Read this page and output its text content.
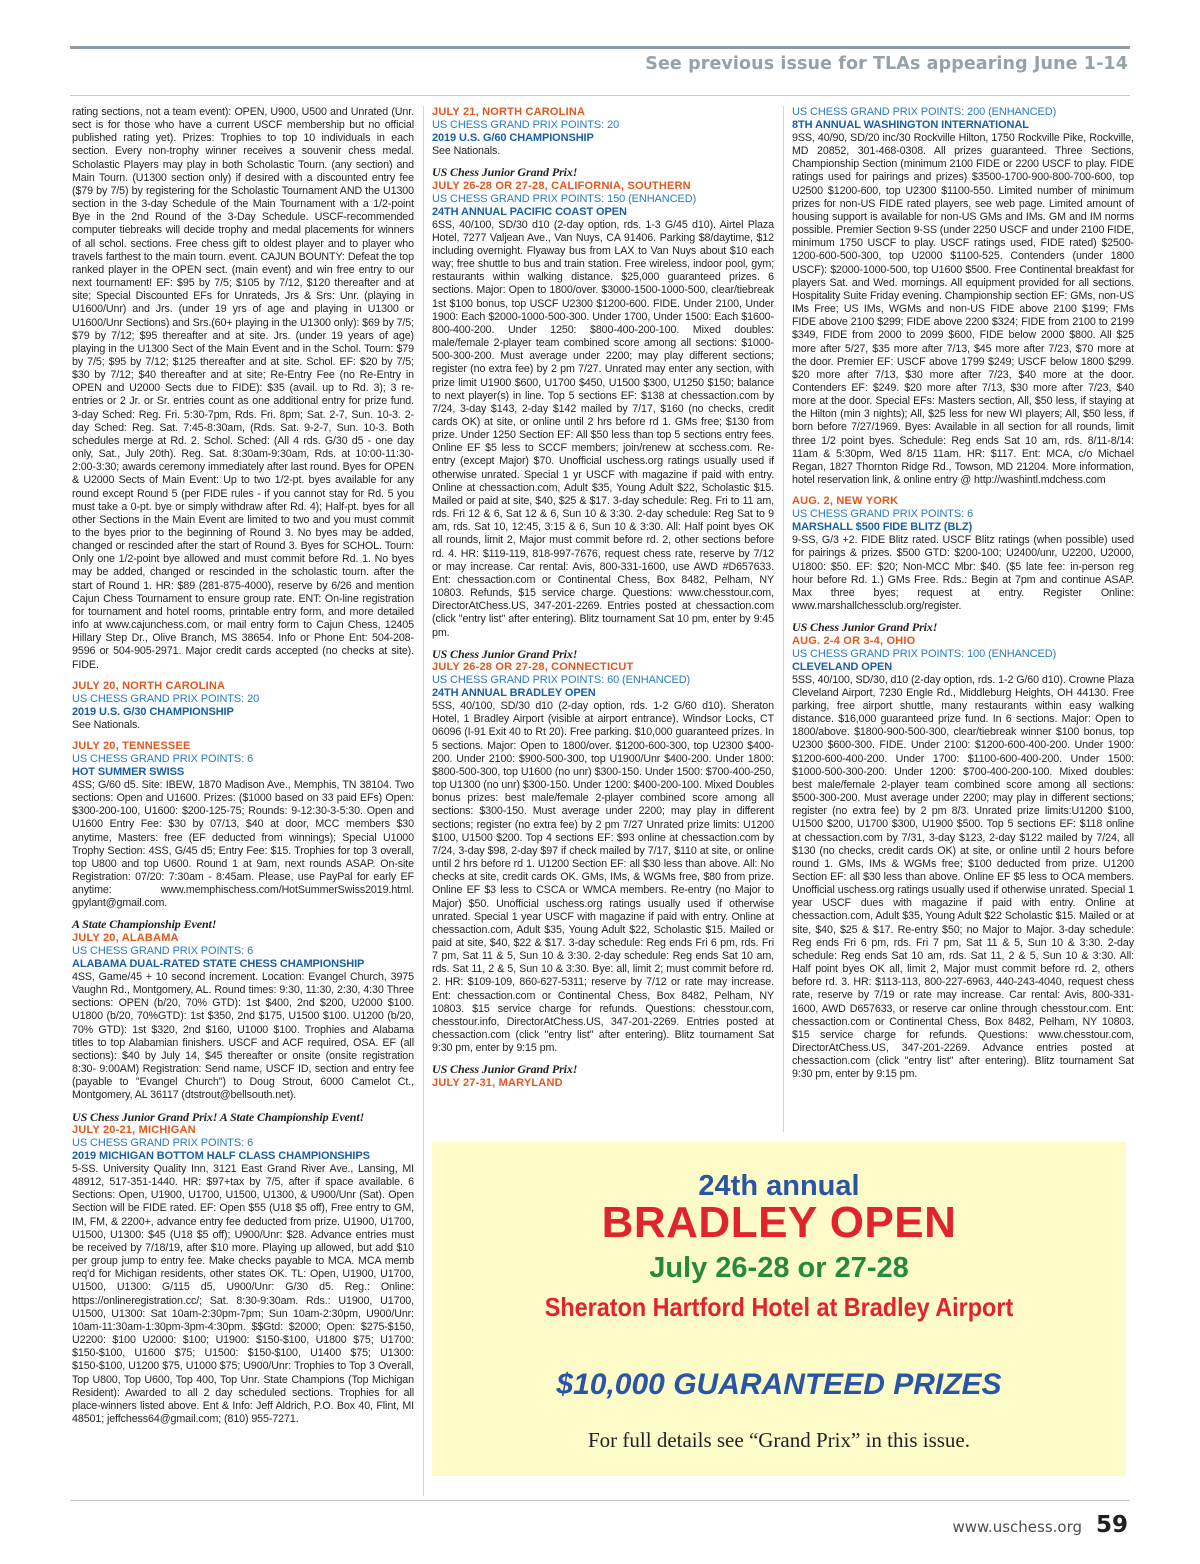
See previous issue for TLAs appearing June 1-14
rating sections, not a team event): OPEN, U900, U500 and Unrated (Unr. sect is for those who have a current USCF membership but no official published rating yet). Prizes: Trophies to top 10 individuals in each section. Every non-trophy winner receives a souvenir chess medal. Scholastic Players may play in both Scholastic Tourn. (any section) and Main Tourn. (U1300 section only) if desired with a discounted entry fee ($79 by 7/5) by registering for the Scholastic Tournament AND the U1300 section in the 3-day Schedule of the Main Tournament with a 1/2-point Bye in the 2nd Round of the 3-Day Schedule. USCF-recommended computer tiebreaks will decide trophy and medal placements for winners of all schol. sections. Free chess gift to oldest player and to player who travels farthest to the main tourn. event. CAJUN BOUNTY: Defeat the top ranked player in the OPEN sect. (main event) and win free entry to our next tournament! EF: $95 by 7/5; $105 by 7/12, $120 thereafter and at site; Special Discounted EFs for Unrateds, Jrs & Srs: Unr. (playing in U1600/Unr) and Jrs. (under 19 yrs of age and playing in U1300 or U1600/Unr Sections) and Srs.(60+ playing in the U1300 only): $69 by 7/5; $79 by 7/12; $95 thereafter and at site. Jrs. (under 19 years of age) playing in the U1300 Sect of the Main Event and in the Schol. Tourn: $79 by 7/5; $95 by 7/12; $125 thereafter and at site. Schol. EF: $20 by 7/5; $30 by 7/12; $40 thereafter and at site; Re-Entry Fee (no Re-Entry in OPEN and U2000 Sects due to FIDE): $35 (avail. up to Rd. 3); 3 re-entries or 2 Jr. or Sr. entries count as one additional entry for prize fund. 3-day Sched: Reg. Fri. 5:30-7pm, Rds. Fri. 8pm; Sat. 2-7, Sun. 10-3. 2-day Sched: Reg. Sat. 7:45-8:30am, (Rds. Sat. 9-2-7, Sun. 10-3. Both schedules merge at Rd. 2. Schol. Sched: (All 4 rds. G/30 d5 - one day only, Sat., July 20th). Reg. Sat. 8:30am-9:30am, Rds. at 10:00-11:30-2:00-3:30; awards ceremony immediately after last round. Byes for OPEN & U2000 Sects of Main Event: Up to two 1/2-pt. byes available for any round except Round 5 (per FIDE rules - if you cannot stay for Rd. 5 you must take a 0-pt. bye or simply withdraw after Rd. 4); Half-pt. byes for all other Sections in the Main Event are limited to two and you must commit to the byes prior to the beginning of Round 3. No byes may be added, changed or rescinded after the start of Round 3. Byes for SCHOL. Tourn: Only one 1/2-point bye allowed and must commit before Rd. 1. No byes may be added, changed or rescinded in the scholastic tourn. after the start of Round 1. HR: $89 (281-875-4000), reserve by 6/26 and mention Cajun Chess Tournament to ensure group rate. ENT: On-line registration for tournament and hotel rooms, printable entry form, and more detailed info at www.cajunchess.com, or mail entry form to Cajun Chess, 12405 Hillary Step Dr., Olive Branch, MS 38654. Info or Phone Ent: 504-208-9596 or 504-905-2971. Major credit cards accepted (no checks at site). FIDE.
JULY 20, NORTH CAROLINA
US CHESS GRAND PRIX POINTS: 20
2019 U.S. G/30 CHAMPIONSHIP
See Nationals.
JULY 20, TENNESSEE
US CHESS GRAND PRIX POINTS: 6
HOT SUMMER SWISS
4SS; G/60 d5. Site: IBEW, 1870 Madison Ave., Memphis, TN 38104. Two sections: Open and U1600. Prizes: ($1000 based on 33 paid EFs) Open: $300-200-100, U1600: $200-125-75; Rounds: 9-12:30-3-5:30. Open and U1600 Entry Fee: $30 by 07/13, $40 at door, MCC members $30 anytime, Masters: free (EF deducted from winnings); Special U1000 Trophy Section: 4SS, G/45 d5; Entry Fee: $15. Trophies for top 3 overall, top U800 and top U600. Round 1 at 9am, next rounds ASAP. On-site Registration: 07/20: 7:30am - 8:45am. Please, use PayPal for early EF anytime: www.memphischess.com/HotSummerSwiss2019.html. gpylant@gmail.com.
A State Championship Event!
JULY 20, ALABAMA
US CHESS GRAND PRIX POINTS: 6
ALABAMA DUAL-RATED STATE CHESS CHAMPIONSHIP
4SS, Game/45 + 10 second increment. Location: Evangel Church, 3975 Vaughn Rd., Montgomery, AL. Round times: 9:30, 11:30, 2:30, 4:30 Three sections: OPEN (b/20, 70% GTD): 1st $400, 2nd $200, U2000 $100. U1800 (b/20, 70%GTD): 1st $350, 2nd $175, U1500 $100. U1200 (b/20, 70% GTD): 1st $320, 2nd $160, U1000 $100. Trophies and Alabama titles to top Alabamian finishers. USCF and ACF required, OSA. EF (all sections): $40 by July 14, $45 thereafter or onsite (onsite registration 8:30- 9:00AM) Registration: Send name, USCF ID, section and entry fee (payable to "Evangel Church") to Doug Strout, 6000 Camelot Ct., Montgomery, AL 36117 (dtstrout@bellsouth.net).
US Chess Junior Grand Prix! A State Championship Event!
JULY 20-21, MICHIGAN
US CHESS GRAND PRIX POINTS: 6
2019 MICHIGAN BOTTOM HALF CLASS CHAMPIONSHIPS
5-SS. University Quality Inn, 3121 East Grand River Ave., Lansing, MI 48912, 517-351-1440. HR: $97+tax by 7/5, after if space available. 6 Sections: Open, U1900, U1700, U1500, U1300, & U900/Unr (Sat). Open Section will be FIDE rated. EF: Open $55 (U18 $5 off), Free entry to GM, IM, FM, & 2200+, advance entry fee deducted from prize. U1900, U1700, U1500, U1300: $45 (U18 $5 off); U900/Unr: $28. Advance entries must be received by 7/18/19, after $10 more. Playing up allowed, but add $10 per group jump to entry fee. Make checks payable to MCA. MCA memb req'd for Michigan residents, other states OK. TL: Open, U1900, U1700, U1500, U1300: G/115 d5, U900/Unr: G/30 d5. Reg.: Online: https://onlineregistration.cc/; Sat. 8:30-9:30am. Rds.: U1900, U1700, U1500, U1300: Sat 10am-2:30pm-7pm; Sun 10am-2:30pm, U900/Unr: 10am-11:30am-1:30pm-3pm-4:30pm. $$Gtd: $2000; Open: $275-$150, U2200: $100 U2000: $100; U1900: $150-$100, U1800 $75; U1700: $150-$100, U1600 $75; U1500: $150-$100, U1400 $75; U1300: $150-$100, U1200 $75, U1000 $75; U900/Unr: Trophies to Top 3 Overall, Top U800, Top U600, Top 400, Top Unr. State Champions (Top Michigan Resident): Awarded to all 2 day scheduled sections. Trophies for all place-winners listed above. Ent & Info: Jeff Aldrich, P.O. Box 40, Flint, MI 48501; jeffchess64@gmail.com; (810) 955-7271.
JULY 21, NORTH CAROLINA
US CHESS GRAND PRIX POINTS: 20
2019 U.S. G/60 CHAMPIONSHIP
See Nationals.
US Chess Junior Grand Prix!
JULY 26-28 OR 27-28, CALIFORNIA, SOUTHERN
US CHESS GRAND PRIX POINTS: 150 (ENHANCED)
24TH ANNUAL PACIFIC COAST OPEN
6SS, 40/100, SD/30 d10 (2-day option, rds. 1-3 G/45 d10). Airtel Plaza Hotel, 7277 Valjean Ave., Van Nuys, CA 91406. Parking $8/daytime, $12 including overnight. Flyaway bus from LAX to Van Nuys about $10 each way; free shuttle to bus and train station. Free wireless, indoor pool, gym; restaurants within walking distance. $25,000 guaranteed prizes. 6 sections. Major: Open to 1800/over. $3000-1500-1000-500, clear/tiebreak 1st $100 bonus, top USCF U2300 $1200-600. FIDE. Under 2100, Under 1900: Each $2000-1000-500-300. Under 1700, Under 1500: Each $1600-800-400-200. Under 1250: $800-400-200-100. Mixed doubles: male/female 2-player team combined score among all sections: $1000-500-300-200. Must average under 2200; may play different sections; register (no extra fee) by 2 pm 7/27. Unrated may enter any section, with prize limit U1900 $600, U1700 $450, U1500 $300, U1250 $150; balance to next player(s) in line. Top 5 sections EF: $138 at chessaction.com by 7/24, 3-day $143, 2-day $142 mailed by 7/17, $160 (no checks, credit cards OK) at site, or online until 2 hrs before rd 1. GMs free; $130 from prize. Under 1250 Section EF: All $50 less than top 5 sections entry fees. Online EF $5 less to SCCF members; join/renew at scchess.com. Re-entry (except Major) $70. Unofficial uschess.org ratings usually used if otherwise unrated. Special 1 yr USCF with magazine if paid with entry. Online at chessaction.com, Adult $35, Young Adult $22, Scholastic $15. Mailed or paid at site, $40, $25 & $17. 3-day schedule: Reg. Fri to 11 am, rds. Fri 12 & 6, Sat 12 & 6, Sun 10 & 3:30. 2-day schedule: Reg Sat to 9 am, rds. Sat 10, 12:45, 3:15 & 6, Sun 10 & 3:30. All: Half point byes OK all rounds, limit 2, Major must commit before rd. 2, other sections before rd. 4. HR: $119-119, 818-997-7676, request chess rate, reserve by 7/12 or may increase. Car rental: Avis, 800-331-1600, use AWD #D657633. Ent: chessaction.com or Continental Chess, Box 8482, Pelham, NY 10803. Refunds, $15 service charge. Questions: www.chesstour.com, DirectorAtChess.US, 347-201-2269. Entries posted at chessaction.com (click "entry list" after entering). Blitz tournament Sat 10 pm, enter by 9:45 pm.
US Chess Junior Grand Prix!
JULY 26-28 OR 27-28, CONNECTICUT
US CHESS GRAND PRIX POINTS: 60 (ENHANCED)
24TH ANNUAL BRADLEY OPEN
5SS, 40/100, SD/30 d10 (2-day option, rds. 1-2 G/60 d10). Sheraton Hotel, 1 Bradley Airport (visible at airport entrance), Windsor Locks, CT 06096 (I-91 Exit 40 to Rt 20). Free parking. $10,000 guaranteed prizes. In 5 sections. Major: Open to 1800/over. $1200-600-300, top U2300 $400-200. Under 2100: $900-500-300, top U1900/Unr $400-200. Under 1800: $800-500-300, top U1600 (no unr) $300-150. Under 1500: $700-400-250, top U1300 (no unr) $300-150. Under 1200: $400-200-100. Mixed Doubles bonus prizes: best male/female 2-player combined score among all sections: $300-150. Must average under 2200; may play in different sections; register (no extra fee) by 2 pm 7/27 Unrated prize limits: U1200 $100, U1500 $200. Top 4 sections EF: $93 online at chessaction.com by 7/24, 3-day $98, 2-day $97 if check mailed by 7/17, $110 at site, or online until 2 hrs before rd 1. U1200 Section EF: all $30 less than above. All: No checks at site, credit cards OK. GMs, IMs, & WGMs free, $80 from prize. Online EF $3 less to CSCA or WMCA members. Re-entry (no Major to Major) $50. Unofficial uschess.org ratings usually used if otherwise unrated. Special 1 year USCF with magazine if paid with entry. Online at chessaction.com, Adult $35, Young Adult $22, Scholastic $15. Mailed or paid at site, $40, $22 & $17. 3-day schedule: Reg ends Fri 6 pm, rds. Fri 7 pm, Sat 11 & 5, Sun 10 & 3:30. 2-day schedule: Reg ends Sat 10 am, rds. Sat 11, 2 & 5, Sun 10 & 3:30. Bye: all, limit 2; must commit before rd. 2. HR: $109-109, 860-627-5311; reserve by 7/12 or rate may increase. Ent: chessaction.com or Continental Chess, Box 8482, Pelham, NY 10803. $15 service charge for refunds. Questions: chesstour.com, chesstour.info, DirectorAtChess.US, 347-201-2269. Entries posted at chessaction.com (click "entry list" after entering). Blitz tournament Sat 9:30 pm, enter by 9:15 pm.
US Chess Junior Grand Prix!
JULY 27-31, MARYLAND
US CHESS GRAND PRIX POINTS: 200 (ENHANCED)
8TH ANNUAL WASHINGTON INTERNATIONAL
9SS, 40/90, SD/20 inc/30 Rockville Hilton, 1750 Rockville Pike, Rockville, MD 20852, 301-468-0308. All prizes guaranteed. Three Sections, Championship Section (minimum 2100 FIDE or 2200 USCF to play. FIDE ratings used for pairings and prizes) $3500-1700-900-800-700-600, top U2500 $1200-600, top U2300 $1100-550. Limited number of minimum prizes for non-US FIDE rated players, see web page. Limited amount of housing support is available for non-US GMs and IMs. GM and IM norms possible. Premier Section 9-SS (under 2250 USCF and under 2100 FIDE, minimum 1750 USCF to play. USCF ratings used, FIDE rated) $2500-1200-600-500-300, top U2000 $1100-525. Contenders (under 1800 USCF): $2000-1000-500, top U1600 $500. Free Continental breakfast for players Sat. and Wed. mornings. All equipment provided for all sections. Hospitality Suite Friday evening. Championship section EF: GMs, non-US IMs Free; US IMs, WGMs and non-US FIDE above 2100 $199; FMs FIDE above 2100 $299; FIDE above 2200 $324; FIDE from 2100 to 2199 $349, FIDE from 2000 to 2099 $600, FIDE below 2000 $800. All $25 more after 5/27, $35 more after 7/13, $45 more after 7/23, $70 more at the door. Premier EF: USCF above 1799 $249; USCF below 1800 $299. $20 more after 7/13, $30 more after 7/23, $40 more at the door. Contenders EF: $249. $20 more after 7/13, $30 more after 7/23, $40 more at the door. Special EFs: Masters section, All, $50 less, if staying at the Hilton (min 3 nights); All, $25 less for new WI players; All, $50 less, if born before 7/27/1969. Byes: Available in all section for all rounds, limit three 1/2 point byes. Schedule: Reg ends Sat 10 am, rds. 8/11-8/14: 11am & 5:30pm, Wed 8/15 11am. HR: $117. Ent: MCA, c/o Michael Regan, 1827 Thornton Ridge Rd., Towson, MD 21204. More information, hotel reservation link, & online entry @ http://washintl.mdchess.com
AUG. 2, NEW YORK
US CHESS GRAND PRIX POINTS: 6
MARSHALL $500 FIDE BLITZ (BLZ)
9-SS, G/3 +2. FIDE Blitz rated. USCF Blitz ratings (when possible) used for pairings & prizes. $500 GTD: $200-100; U2400/unr, U2200, U2000, U1800: $50. EF: $20; Non-MCC Mbr: $40. ($5 late fee: in-person reg hour before Rd. 1.) GMs Free. Rds.: Begin at 7pm and continue ASAP. Max three byes; request at entry. Register Online: www.marshallchessclub.org/register.
US Chess Junior Grand Prix!
AUG. 2-4 OR 3-4, OHIO
US CHESS GRAND PRIX POINTS: 100 (ENHANCED)
CLEVELAND OPEN
5SS, 40/100, SD/30, d10 (2-day option, rds. 1-2 G/60 d10). Crowne Plaza Cleveland Airport, 7230 Engle Rd., Middleburg Heights, OH 44130. Free parking, free airport shuttle, many restaurants within easy walking distance. $16,000 guaranteed prize fund. In 6 sections. Major: Open to 1800/above. $1800-900-500-300, clear/tiebreak winner $100 bonus, top U2300 $600-300. FIDE. Under 2100: $1200-600-400-200. Under 1900: $1200-600-400-200. Under 1700: $1100-600-400-200. Under 1500: $1000-500-300-200. Under 1200: $700-400-200-100. Mixed doubles: best male/female 2-player team combined score among all sections: $500-300-200. Must average under 2200; may play in different sections; register (no extra fee) by 2 pm 8/3. Unrated prize limits:U1200 $100, U1500 $200, U1700 $300, U1900 $500. Top 5 sections EF: $118 online at chessaction.com by 7/31, 3-day $123, 2-day $122 mailed by 7/24, all $130 (no checks, credit cards OK) at site, or online until 2 hours before round 1. GMs, IMs & WGMs free; $100 deducted from prize. U1200 Section EF: all $30 less than above. Online EF $5 less to OCA members. Unofficial uschess.org ratings usually used if otherwise unrated. Special 1 year USCF dues with magazine if paid with entry. Online at chessaction.com, Adult $35, Young Adult $22 Scholastic $15. Mailed or at site, $40, $25 & $17. Re-entry $50; no Major to Major. 3-day schedule: Reg ends Fri 6 pm, rds. Fri 7 pm, Sat 11 & 5, Sun 10 & 3:30. 2-day schedule: Reg ends Sat 10 am, rds. Sat 11, 2 & 5, Sun 10 & 3:30. All: Half point byes OK all, limit 2, Major must commit before rd. 2, others before rd. 3. HR: $113-113, 800-227-6963, 440-243-4040, request chess rate, reserve by 7/19 or rate may increase. Car rental: Avis, 800-331-1600, AWD D657633, or reserve car online through chesstour.com. Ent: chessaction.com or Continental Chess, Box 8482, Pelham, NY 10803. $15 service charge for refunds. Questions: www.chesstour.com, DirectorAtChess.US, 347-201-2269. Advance entries posted at chessaction.com (click "entry list" after entering). Blitz tournament Sat 9:30 pm, enter by 9:15 pm.
24th annual
BRADLEY OPEN
July 26-28 or 27-28
Sheraton Hartford Hotel at Bradley Airport
$10,000 GUARANTEED PRIZES
For full details see “Grand Prix” in this issue.
www.uschess.org 59
